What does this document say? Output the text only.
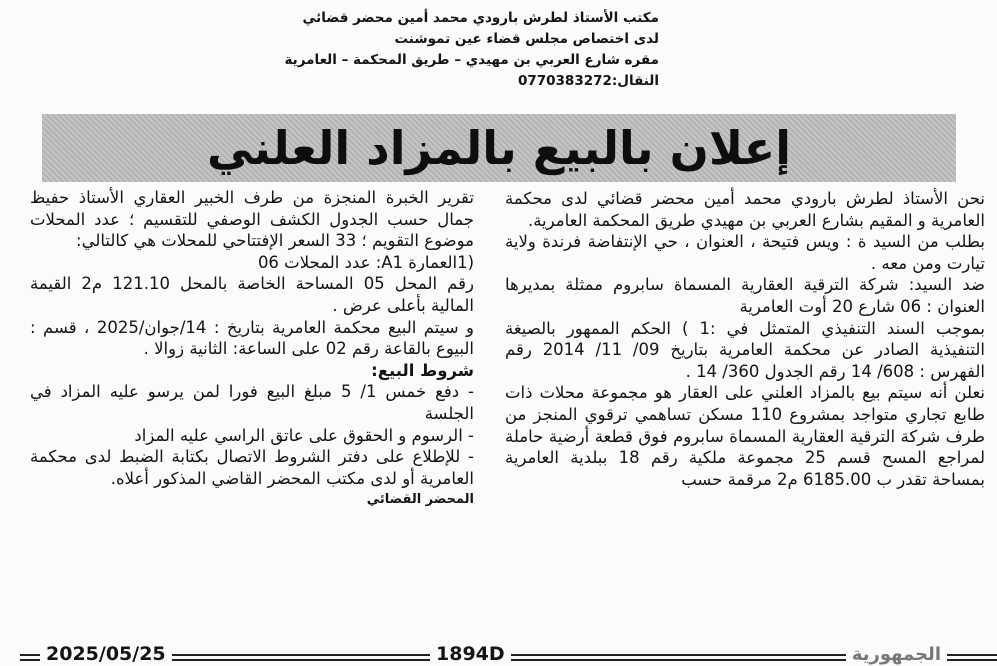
مكتب الأستاذ لطرش بارودي محمد أمين محضر قضائي
لدى اختصاص مجلس قضاء عين تموشنت
مقره شارع العربي بن مهيدي – طريق المحكمة – العامرية
النقال:0770383272
إعلان بالبيع بالمزاد العلني

نحن الأستاذ لطرش بارودي محمد أمين محضر قضائي لدى محكمة العامرية و المقيم بشارع العربي بن مهيدي طريق المحكمة العامرية.

بطلب من السيد ة : ويس فتيحة ، العنوان ، حي الإنتفاضة فرندة ولاية تيارت ومن معه .

ضد السيد: شركة الترقية العقارية المسماة سابروم ممثلة بمديرها العنوان : 06 شارع 20 أوت العامرية

بموجب السند التنفيذي المتمثل في :1 ) الحكم الممهور بالصيغة التنفيذية الصادر عن محكمة العامرية بتاريخ 09/ 11/ 2014 رقم الفهرس : 608/ 14 رقم الجدول 360/ 14 .

نعلن أنه سيتم بيع بالمزاد العلني على العقار هو مجموعة محلات ذات طابع تجاري متواجد بمشروع 110 مسكن تساهمي ترقوي المنجز من طرف شركة الترقية العقارية المسماة سابروم فوق قطعة أرضية حاملة لمراجع المسح قسم 25 مجموعة ملكية رقم 18 ببلدية العامرية بمساحة تقدر ب 6185.00 م2 مرقمة حسب

تقرير الخبرة المنجزة من طرف الخبير العقاري الأستاذ حفيظ جمال حسب الجدول الكشف الوصفي للتقسيم ؛ عدد المحلات موضوع التقويم ؛ 33 السعر الإفتتاحي للمحلات هي كالتالي:

(1العمارة A1: عدد المحلات 06

رقم المحل 05 المساحة الخاصة بالمحل 121.10 م2 القيمة المالية بأعلى عرض .

و سيتم البيع محكمة العامرية بتاريخ : 14/جوان/2025 ، قسم : البيوع بالقاعة رقم 02 على الساعة: الثانية زوالا .

شروط البيع:

- دفع خمس 1/ 5 مبلغ البيع فورا لمن يرسو عليه المزاد في الجلسة

- الرسوم و الحقوق على عاتق الراسي عليه المزاد

- للإطلاع على دفتر الشروط الاتصال بكتابة الضبط لدى محكمة العامرية أو لدى مكتب المحضر القاضي المذكور أعلاه.

المحضر القضائي

2025/05/25	1894D	الجمهورية
